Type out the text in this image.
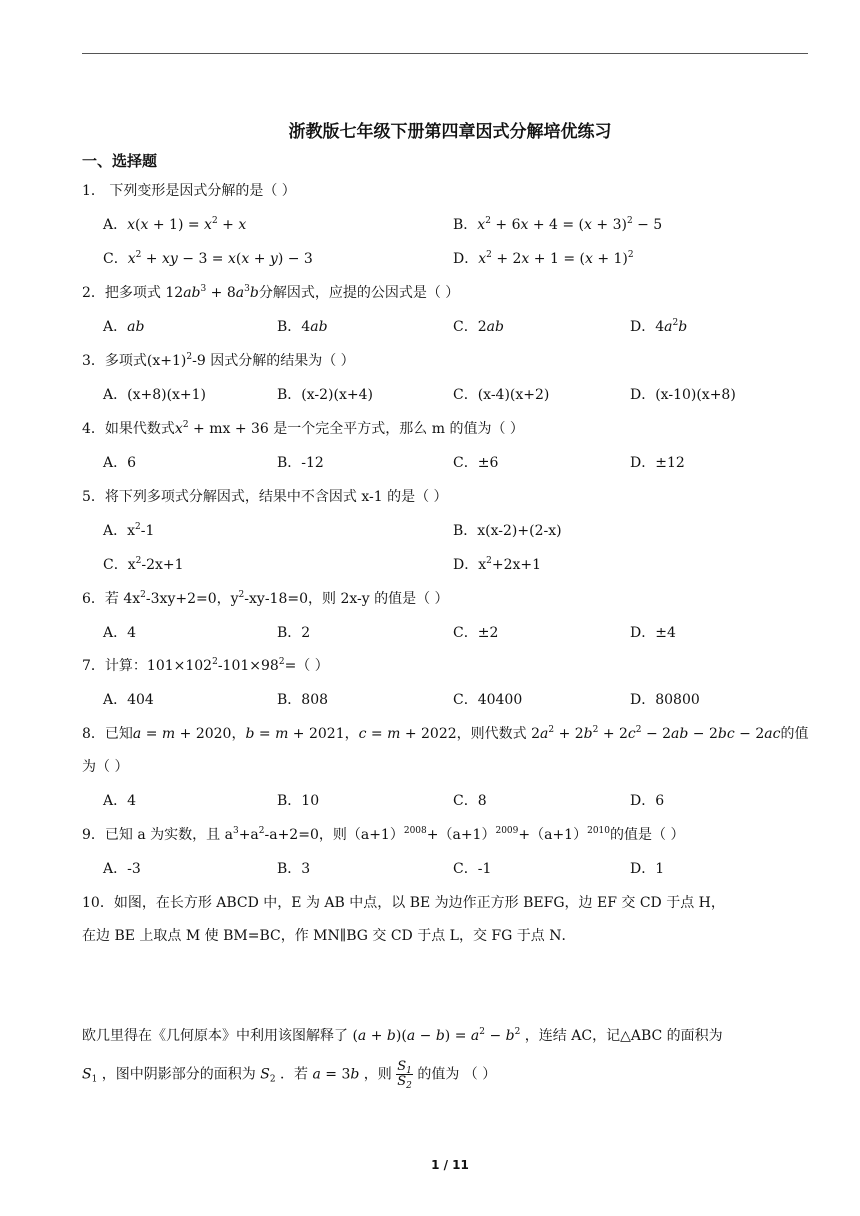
浙教版七年级下册第四章因式分解培优练习
一、选择题
1． 下列变形是因式分解的是（ ）
A．$x(x + 1) = x^2 + x$	B．$x^2 + 6x + 4 = (x + 3)^2 - 5$
C．$x^2$ + xy − 3 = x(x + y) − 3	D．$x^2 + 2x + 1 = (x + 1)^2$
2．把多项式 $12ab^3 + 8a^3b$分解因式，应提的公因式是（ ）
A．ab	B．4ab	C．2ab	D．$4a^2b$
3．多项式$(x+1)^2-9$ 因式分解的结果为（ ）
A．(x+8)(x+1)	B．(x-2)(x+4)	C．(x-4)(x+2)	D．(x-10)(x+8)
4．如果代数式$x^2$ + mx + 36 是一个完全平方式，那么 m 的值为（ ）
A．6	B．-12	C．±6	D．±12
5．将下列多项式分解因式，结果中不含因式 x-1 的是（ ）
A．$x^2-1$	B．x(x-2)+(2-x)
C．$x^2-2x+1$	D．$x^2+2x+1$
6．若 $4x^2-3xy+2=0$，$y^2-xy-18=0$，则 2x-y 的值是（ ）
A．4	B．2	C．±2	D．±4
7．计算：$101\times 102^2-101\times 98^2=$（ ）
A．404	B．808	C．40400	D．80800
8．已知a = m + 2020，b = m + 2021，c = m + 2022，则代数式 $2a^2 + 2b^2 + 2c^2 - 2ab - 2bc - 2ac$的值
为（ ）
A．4	B．10	C．8	D．6
9．已知 a 为实数，且 $a^3+a^2-a+2=0$，则$(a+1)^{2008}+(a+1)^{2009}+(a+1)^{2010}$的值是（ ）
A．-3	B．3	C．-1	D．1
10．如图，在长方形 ABCD 中，E 为 AB 中点，以 BE 为边作正方形 BEFG，边 EF 交 CD 于点 H，
在边 BE 上取点 M 使 BM=BC，作 MN∥BG 交 CD 于点 L，交 FG 于点 N．
欧几里得在《几何原本》中利用该图解释了 $(a + b)(a - b) = a^2 - b^2$ ，连结 AC，记△ABC 的面积为
$S_1$ ，图中阴影部分的面积为 $S_2$ ．若 a = 3b ，则 $\frac{S_1}{S_2}$ 的值为 （ ）
1 / 11
